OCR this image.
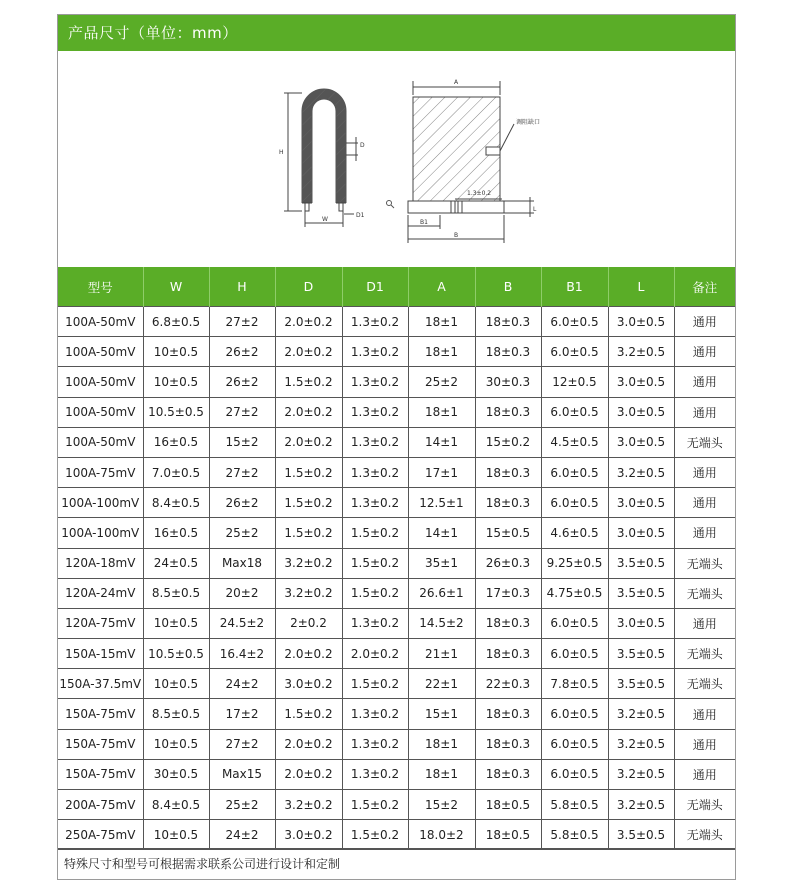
产品尺寸（单位：mm）
H
D
D1
W
A
B
B1
L
1.3±0.2
调阻缺口
型号	W	H	D	D1	A	B	B1	L	备注
100A-50mV	6.8±0.5	27±2	2.0±0.2	1.3±0.2	18±1	18±0.3	6.0±0.5	3.0±0.5	通用
100A-50mV	10±0.5	26±2	2.0±0.2	1.3±0.2	18±1	18±0.3	6.0±0.5	3.2±0.5	通用
100A-50mV	10±0.5	26±2	1.5±0.2	1.3±0.2	25±2	30±0.3	12±0.5	3.0±0.5	通用
100A-50mV	10.5±0.5	27±2	2.0±0.2	1.3±0.2	18±1	18±0.3	6.0±0.5	3.0±0.5	通用
100A-50mV	16±0.5	15±2	2.0±0.2	1.3±0.2	14±1	15±0.2	4.5±0.5	3.0±0.5	无端头
100A-75mV	7.0±0.5	27±2	1.5±0.2	1.3±0.2	17±1	18±0.3	6.0±0.5	3.2±0.5	通用
100A-100mV	8.4±0.5	26±2	1.5±0.2	1.3±0.2	12.5±1	18±0.3	6.0±0.5	3.0±0.5	通用
100A-100mV	16±0.5	25±2	1.5±0.2	1.5±0.2	14±1	15±0.5	4.6±0.5	3.0±0.5	通用
120A-18mV	24±0.5	Max18	3.2±0.2	1.5±0.2	35±1	26±0.3	9.25±0.5	3.5±0.5	无端头
120A-24mV	8.5±0.5	20±2	3.2±0.2	1.5±0.2	26.6±1	17±0.3	4.75±0.5	3.5±0.5	无端头
120A-75mV	10±0.5	24.5±2	2±0.2	1.3±0.2	14.5±2	18±0.3	6.0±0.5	3.0±0.5	通用
150A-15mV	10.5±0.5	16.4±2	2.0±0.2	2.0±0.2	21±1	18±0.3	6.0±0.5	3.5±0.5	无端头
150A-37.5mV	10±0.5	24±2	3.0±0.2	1.5±0.2	22±1	22±0.3	7.8±0.5	3.5±0.5	无端头
150A-75mV	8.5±0.5	17±2	1.5±0.2	1.3±0.2	15±1	18±0.3	6.0±0.5	3.2±0.5	通用
150A-75mV	10±0.5	27±2	2.0±0.2	1.3±0.2	18±1	18±0.3	6.0±0.5	3.2±0.5	通用
150A-75mV	30±0.5	Max15	2.0±0.2	1.3±0.2	18±1	18±0.3	6.0±0.5	3.2±0.5	通用
200A-75mV	8.4±0.5	25±2	3.2±0.2	1.5±0.2	15±2	18±0.5	5.8±0.5	3.2±0.5	无端头
250A-75mV	10±0.5	24±2	3.0±0.2	1.5±0.2	18.0±2	18±0.5	5.8±0.5	3.5±0.5	无端头
特殊尺寸和型号可根据需求联系公司进行设计和定制
